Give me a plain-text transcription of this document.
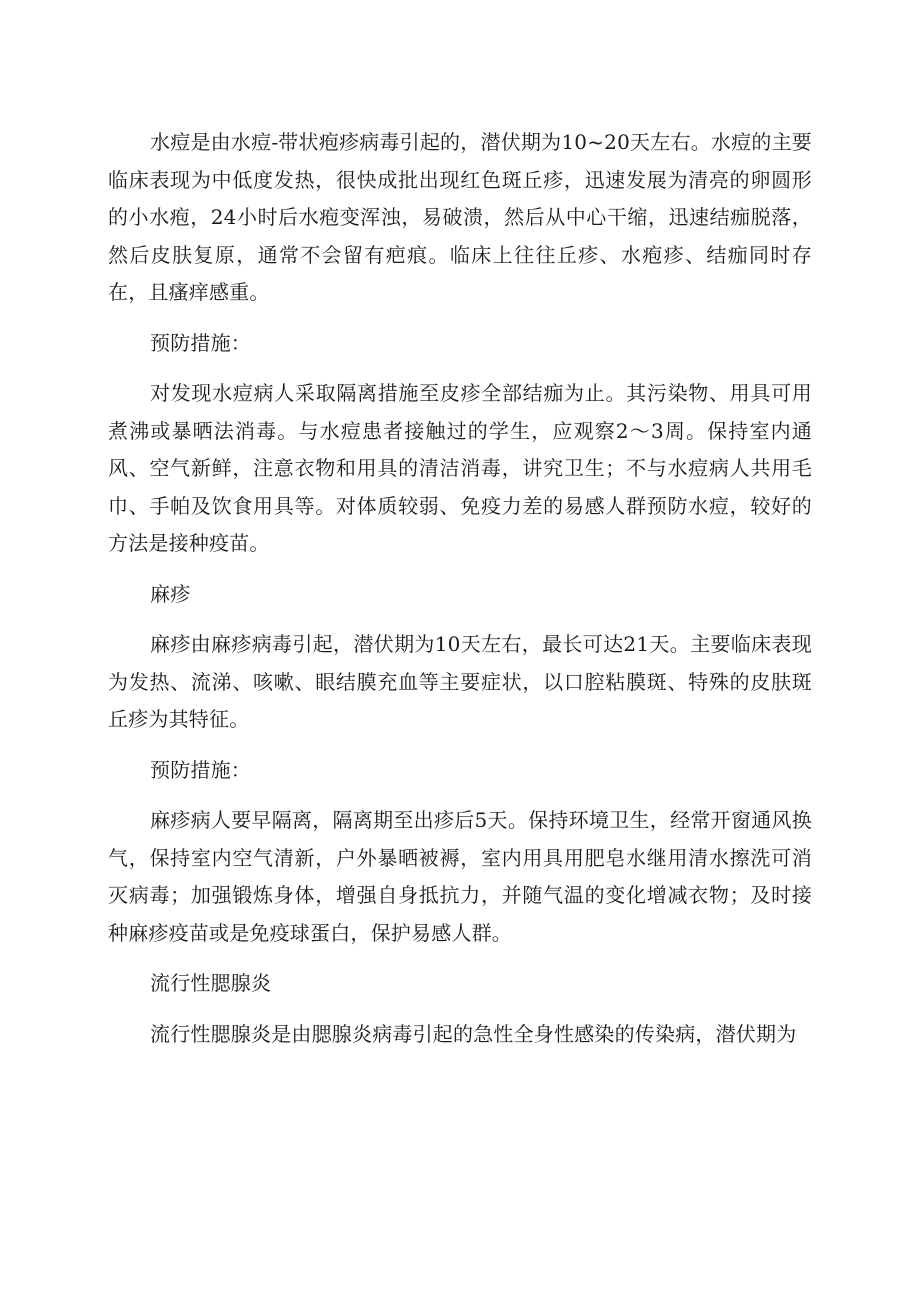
水痘是由水痘-带状疱疹病毒引起的，潜伏期为10~20天左右。水痘的主要临床表现为中低度发热，很快成批出现红色斑丘疹，迅速发展为清亮的卵圆形的小水疱，24小时后水疱变浑浊，易破溃，然后从中心干缩，迅速结痂脱落，然后皮肤复原，通常不会留有疤痕。临床上往往丘疹、水疱疹、结痂同时存在，且瘙痒感重。

预防措施：

对发现水痘病人采取隔离措施至皮疹全部结痂为止。其污染物、用具可用煮沸或暴晒法消毒。与水痘患者接触过的学生，应观察2～3周。保持室内通风、空气新鲜，注意衣物和用具的清洁消毒，讲究卫生；不与水痘病人共用毛巾、手帕及饮食用具等。对体质较弱、免疫力差的易感人群预防水痘，较好的方法是接种疫苗。

麻疹

麻疹由麻疹病毒引起，潜伏期为10天左右，最长可达21天。主要临床表现为发热、流涕、咳嗽、眼结膜充血等主要症状，以口腔粘膜斑、特殊的皮肤斑丘疹为其特征。

预防措施：

麻疹病人要早隔离，隔离期至出疹后5天。保持环境卫生，经常开窗通风换气，保持室内空气清新，户外暴晒被褥，室内用具用肥皂水继用清水擦洗可消灭病毒；加强锻炼身体，增强自身抵抗力，并随气温的变化增减衣物；及时接种麻疹疫苗或是免疫球蛋白，保护易感人群。

流行性腮腺炎

流行性腮腺炎是由腮腺炎病毒引起的急性全身性感染的传染病，潜伏期为
